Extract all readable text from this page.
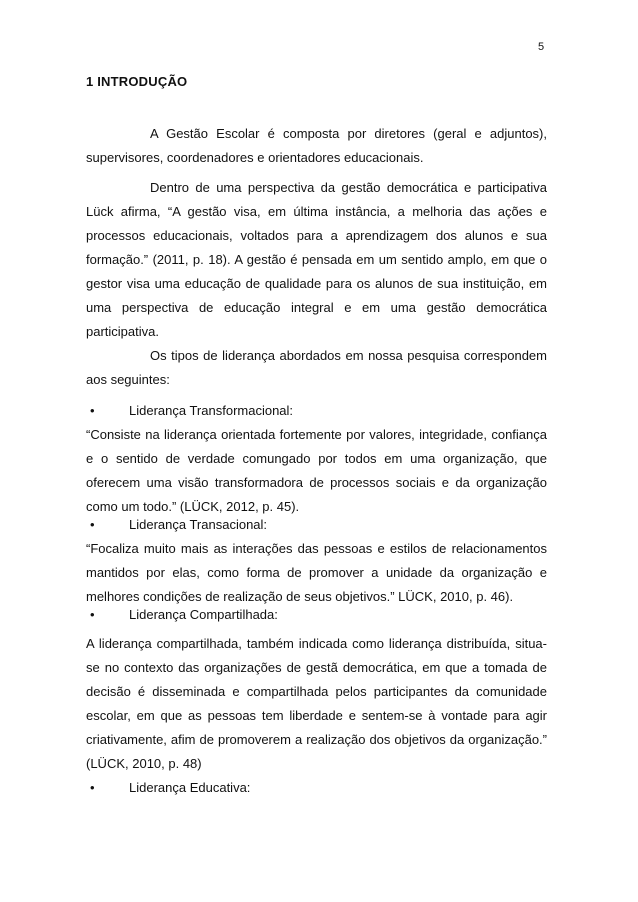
5
1 INTRODUÇÃO

A Gestão Escolar é composta por diretores (geral e adjuntos), supervisores, coordenadores e orientadores educacionais.

Dentro de uma perspectiva da gestão democrática e participativa Lück afirma, “A gestão visa, em última instância, a melhoria das ações e processos educacionais, voltados para a aprendizagem dos alunos e sua formação.” (2011, p. 18). A gestão é pensada em um sentido amplo, em que o gestor visa uma educação de qualidade para os alunos de sua instituição, em uma perspectiva de educação integral e em uma gestão democrática participativa.

Os tipos de liderança abordados em nossa pesquisa correspondem aos seguintes:

•	Liderança Transformacional:

“Consiste na liderança orientada fortemente por valores, integridade, confiança e o sentido de verdade comungado por todos em uma organização, que oferecem uma visão transformadora de processos sociais e da organização como um todo.” (LÜCK, 2012, p. 45).

•	Liderança Transacional:

“Focaliza muito mais as interações das pessoas e estilos de relacionamentos mantidos por elas, como forma de promover a unidade da organização e melhores condições de realização de seus objetivos.” LÜCK, 2010, p. 46).

•	Liderança Compartilhada:

A liderança compartilhada, também indicada como liderança distribuída, situa-se no contexto das organizações de gestã democrática, em que a tomada de decisão é disseminada e compartilhada pelos participantes da comunidade escolar, em que as pessoas tem liberdade e sentem-se à vontade para agir criativamente, afim de promoverem a realização dos objetivos da organização.” (LÜCK, 2010, p. 48)

•	Liderança Educativa:
